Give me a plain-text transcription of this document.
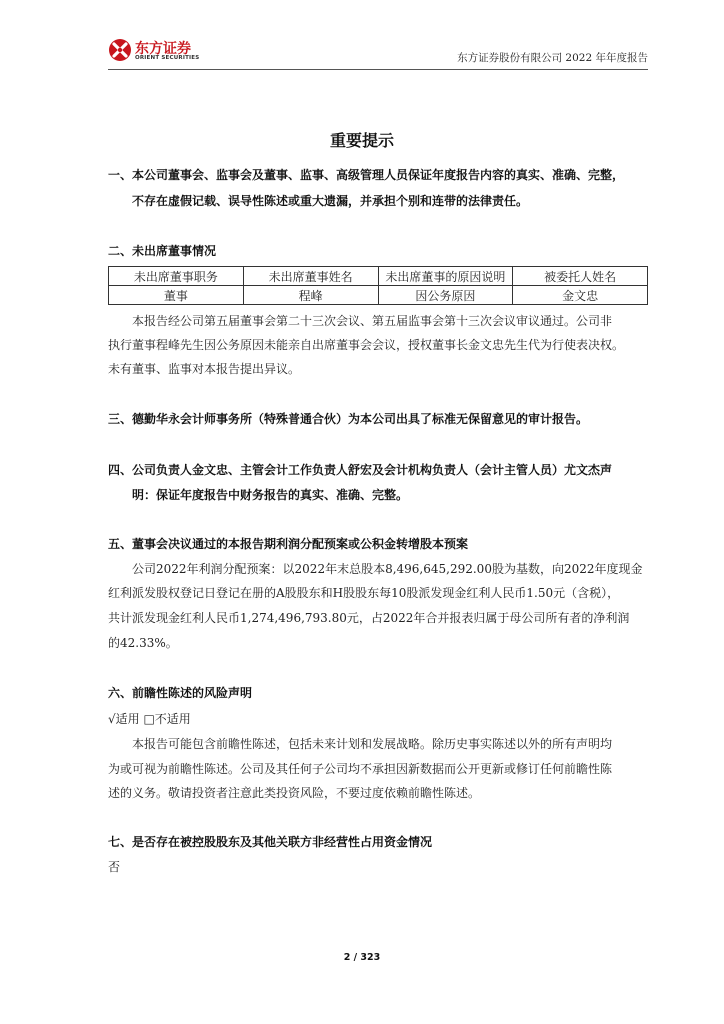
东方证券
ORIENT SECURITIES	东方证券股份有限公司 2022 年年度报告
重要提示
一、本公司董事会、监事会及董事、监事、高级管理人员保证年度报告内容的真实、准确、完整，
不存在虚假记载、误导性陈述或重大遗漏，并承担个别和连带的法律责任。
二、未出席董事情况
未出席董事职务	未出席董事姓名	未出席董事的原因说明	被委托人姓名
董事	程峰	因公务原因	金文忠
本报告经公司第五届董事会第二十三次会议、第五届监事会第十三次会议审议通过。公司非
执行董事程峰先生因公务原因未能亲自出席董事会会议，授权董事长金文忠先生代为行使表决权。
未有董事、监事对本报告提出异议。
三、德勤华永会计师事务所（特殊普通合伙）为本公司出具了标准无保留意见的审计报告。
四、公司负责人金文忠、主管会计工作负责人舒宏及会计机构负责人（会计主管人员）尤文杰声
明：保证年度报告中财务报告的真实、准确、完整。
五、董事会决议通过的本报告期利润分配预案或公积金转增股本预案
公司2022年利润分配预案：以2022年末总股本8,496,645,292.00股为基数，向2022年度现金
红利派发股权登记日登记在册的A股股东和H股股东每10股派发现金红利人民币1.50元（含税），
共计派发现金红利人民币1,274,496,793.80元，占2022年合并报表归属于母公司所有者的净利润
的42.33%。
六、前瞻性陈述的风险声明
√适用 □不适用
本报告可能包含前瞻性陈述，包括未来计划和发展战略。除历史事实陈述以外的所有声明均
为或可视为前瞻性陈述。公司及其任何子公司均不承担因新数据而公开更新或修订任何前瞻性陈
述的义务。敬请投资者注意此类投资风险，不要过度依赖前瞻性陈述。
七、是否存在被控股股东及其他关联方非经营性占用资金情况
否
2 / 323
